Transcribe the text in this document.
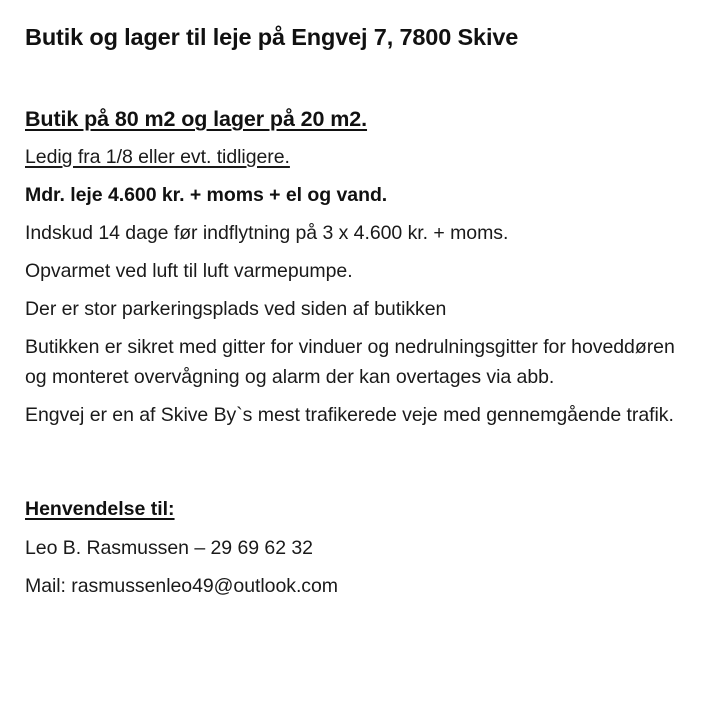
Butik og lager til leje på Engvej 7, 7800 Skive
Butik på 80 m2 og lager på 20 m2.

Ledig fra 1/8 eller evt. tidligere.

Mdr. leje 4.600 kr. + moms + el og vand.

Indskud 14 dage før indflytning på 3 x 4.600 kr. + moms.

Opvarmet ved luft til luft varmepumpe.

Der er stor parkeringsplads ved siden af butikken

Butikken er sikret med gitter for vinduer og nedrulningsgitter for hoveddøren og monteret overvågning og alarm der kan overtages via abb.

Engvej er en af Skive By`s mest trafikerede veje med gennemgående trafik.

Henvendelse til:

Leo B. Rasmussen – 29 69 62 32

Mail: rasmussenleo49@outlook.com
